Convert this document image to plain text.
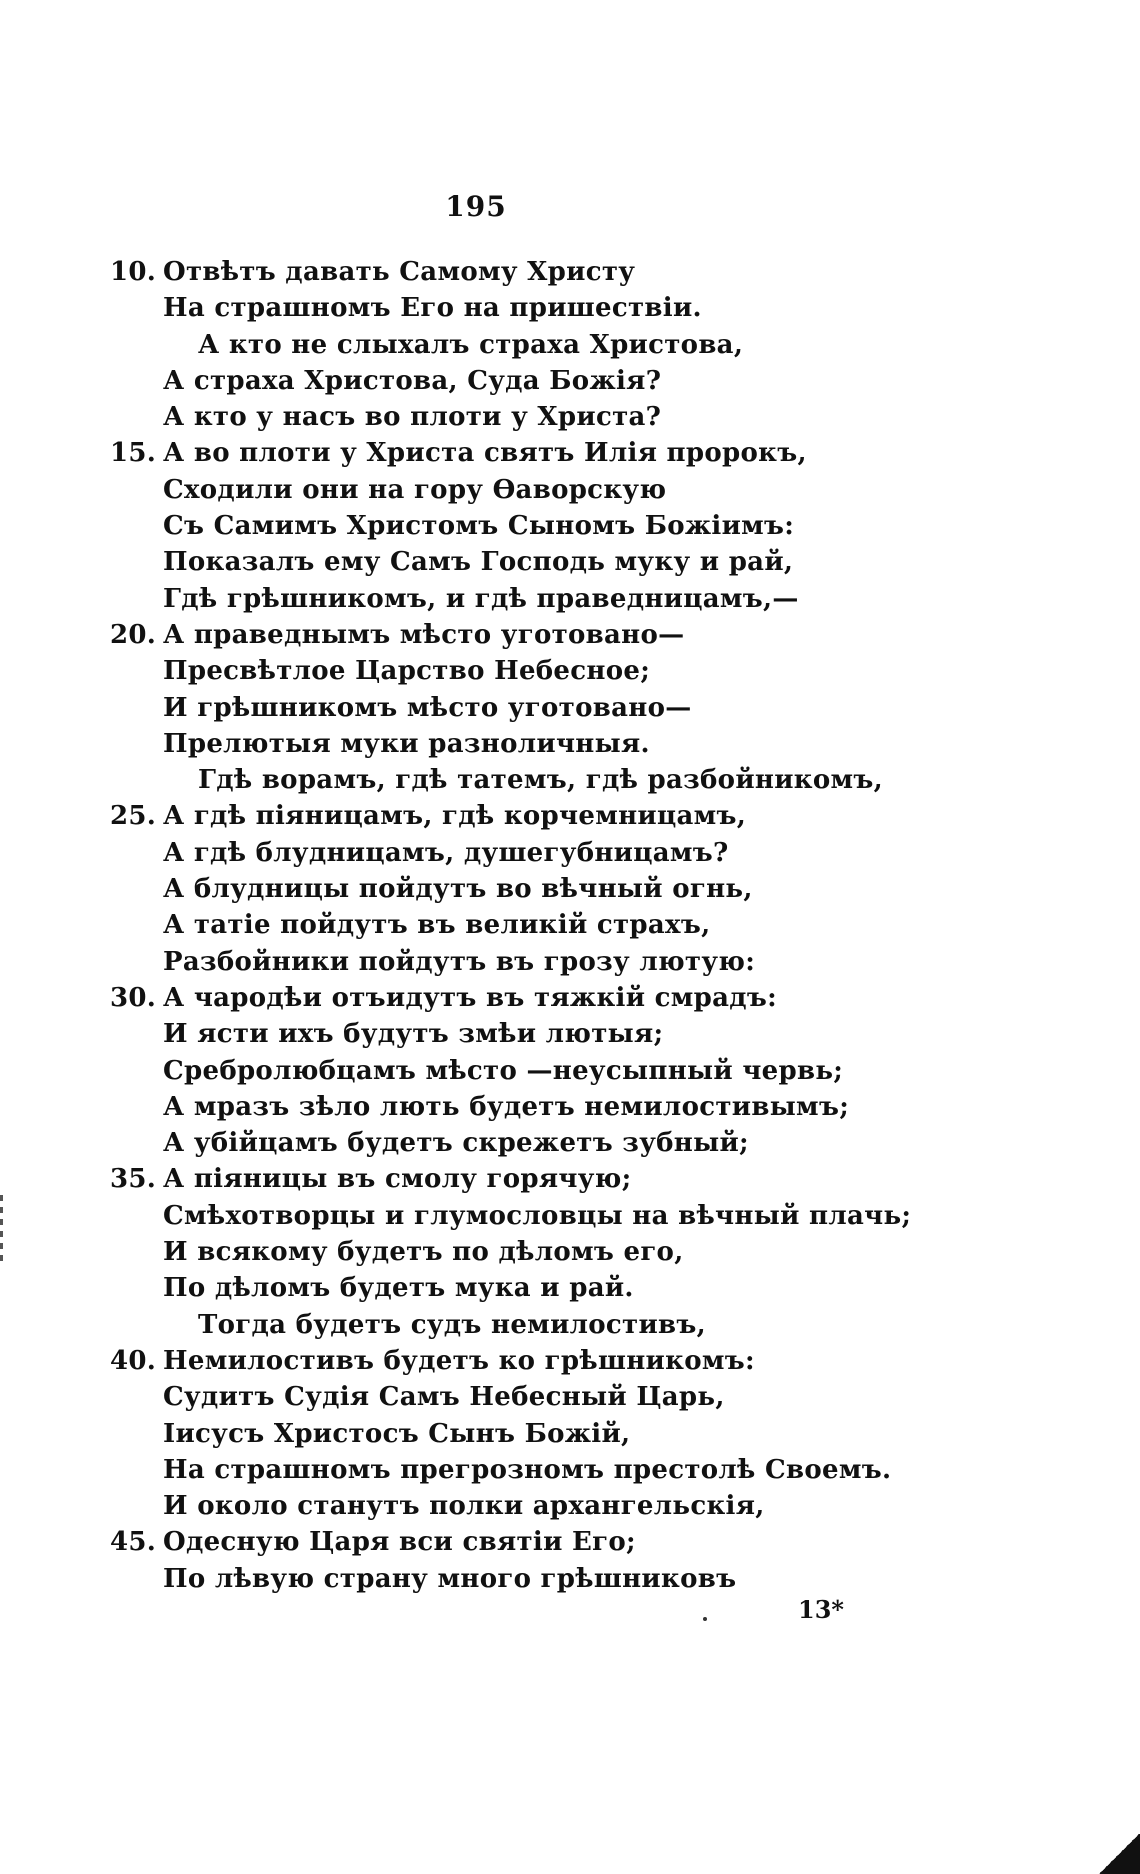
195
10. Отвѣтъ давать Самому Христу
На страшномъ Его на пришествіи.
А кто не слыхалъ страха Христова,
А страха Христова, Суда Божія?
А кто у насъ во плоти у Христа?
15. А во плоти у Христа святъ Илія пророкъ,
Сходили они на гору Ѳаворскую
Съ Самимъ Христомъ Сыномъ Божіимъ:
Показалъ ему Самъ Господь муку и рай,
Гдѣ грѣшникомъ, и гдѣ праведницамъ,—
20. А праведнымъ мѣсто уготовано—
Пресвѣтлое Царство Небесное;
И грѣшникомъ мѣсто уготовано—
Прелютыя муки разноличныя.
Гдѣ ворамъ, гдѣ татемъ, гдѣ разбойникомъ,
25. А гдѣ піяницамъ, гдѣ корчемницамъ,
А гдѣ блудницамъ, душегубницамъ?
А блудницы пойдутъ во вѣчный огнь,
А татіе пойдутъ въ великій страхъ,
Разбойники пойдутъ въ грозу лютую:
30. А чародѣи отъидутъ въ тяжкій смрадъ:
И ясти ихъ будутъ змѣи лютыя;
Сребролюбцамъ мѣсто —неусыпный червь;
А мразъ зѣло лють будетъ немилостивымъ;
А убійцамъ будетъ скрежетъ зубный;
35. А піяницы въ смолу горячую;
Смѣхотворцы и глумословцы на вѣчный плачь;
И всякому будетъ по дѣломъ его,
По дѣломъ будетъ мука и рай.
Тогда будетъ судъ немилостивъ,
40. Немилостивъ будетъ ко грѣшникомъ:
Судитъ Судія Самъ Небесный Царь,
Іисусъ Христосъ Сынъ Божій,
На страшномъ прегрозномъ престолѣ Своемъ.
И около станутъ полки архангельскія,
45. Одесную Царя вси святіи Его;
По лѣвую страну много грѣшниковъ
13*
